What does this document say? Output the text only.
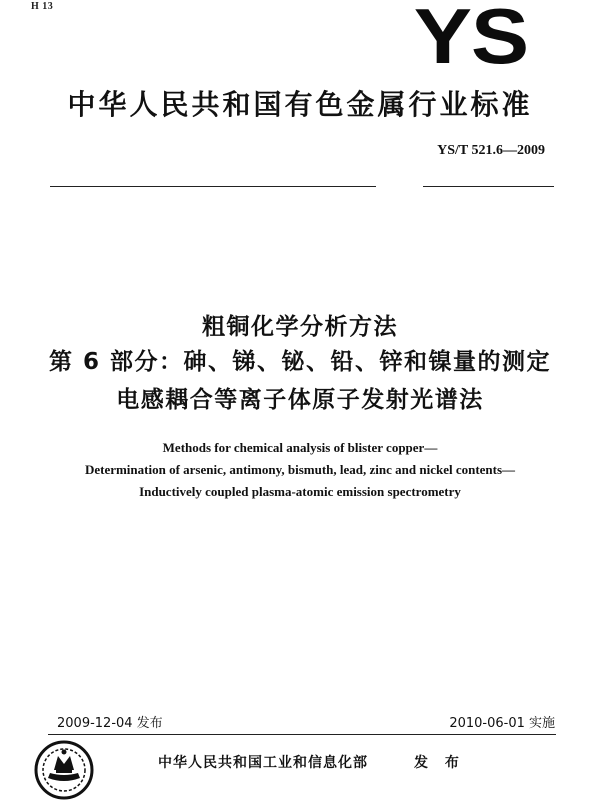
H 13	YS
中华人民共和国有色金属行业标准
YS/T 521.6—2009
粗铜化学分析方法
第 6 部分：砷、锑、铋、铅、锌和镍量的测定
电感耦合等离子体原子发射光谱法
Methods for chemical analysis of blister copper—
Determination of arsenic, antimony, bismuth, lead, zinc and nickel contents—
Inductively coupled plasma-atomic emission spectrometry
2009-12-04 发布	2010-06-01 实施
中华人民共和国工业和信息化部	发 布
